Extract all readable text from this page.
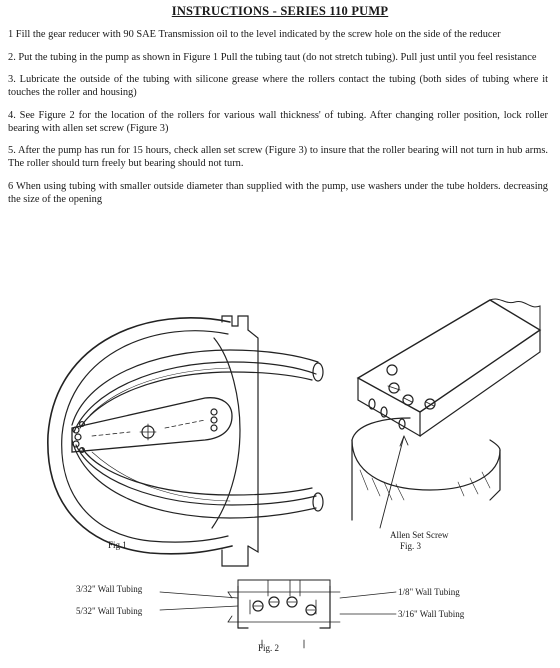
INSTRUCTIONS - SERIES 110 PUMP

1 Fill the gear reducer with 90 SAE Transmission oil to the level indicated by the screw hole on the side of the reducer

2. Put the tubing in the pump as shown in Figure 1 Pull the tubing taut (do not stretch tubing). Pull just until you feel resistance

3. Lubricate the outside of the tubing with silicone grease where the rollers contact the tubing (both sides of tubing where it touches the roller and housing)

4. See Figure 2 for the location of the rollers for various wall thickness' of tubing. After changing roller position, lock roller bearing with allen set screw (Figure 3)

5. After the pump has run for 15 hours, check allen set screw (Figure 3) to insure that the roller bearing will not turn in hub arms. The roller should turn freely but bearing should not turn.

6 When using tubing with smaller outside diameter than supplied with the pump, use washers under the tube holders. decreasing the size of the opening

Fig 1
Allen Set Screw
Fig. 3
3/32" Wall Tubing
5/32" Wall Tubing
1/8" Wall Tubing
3/16" Wall Tubing
Fig. 2
